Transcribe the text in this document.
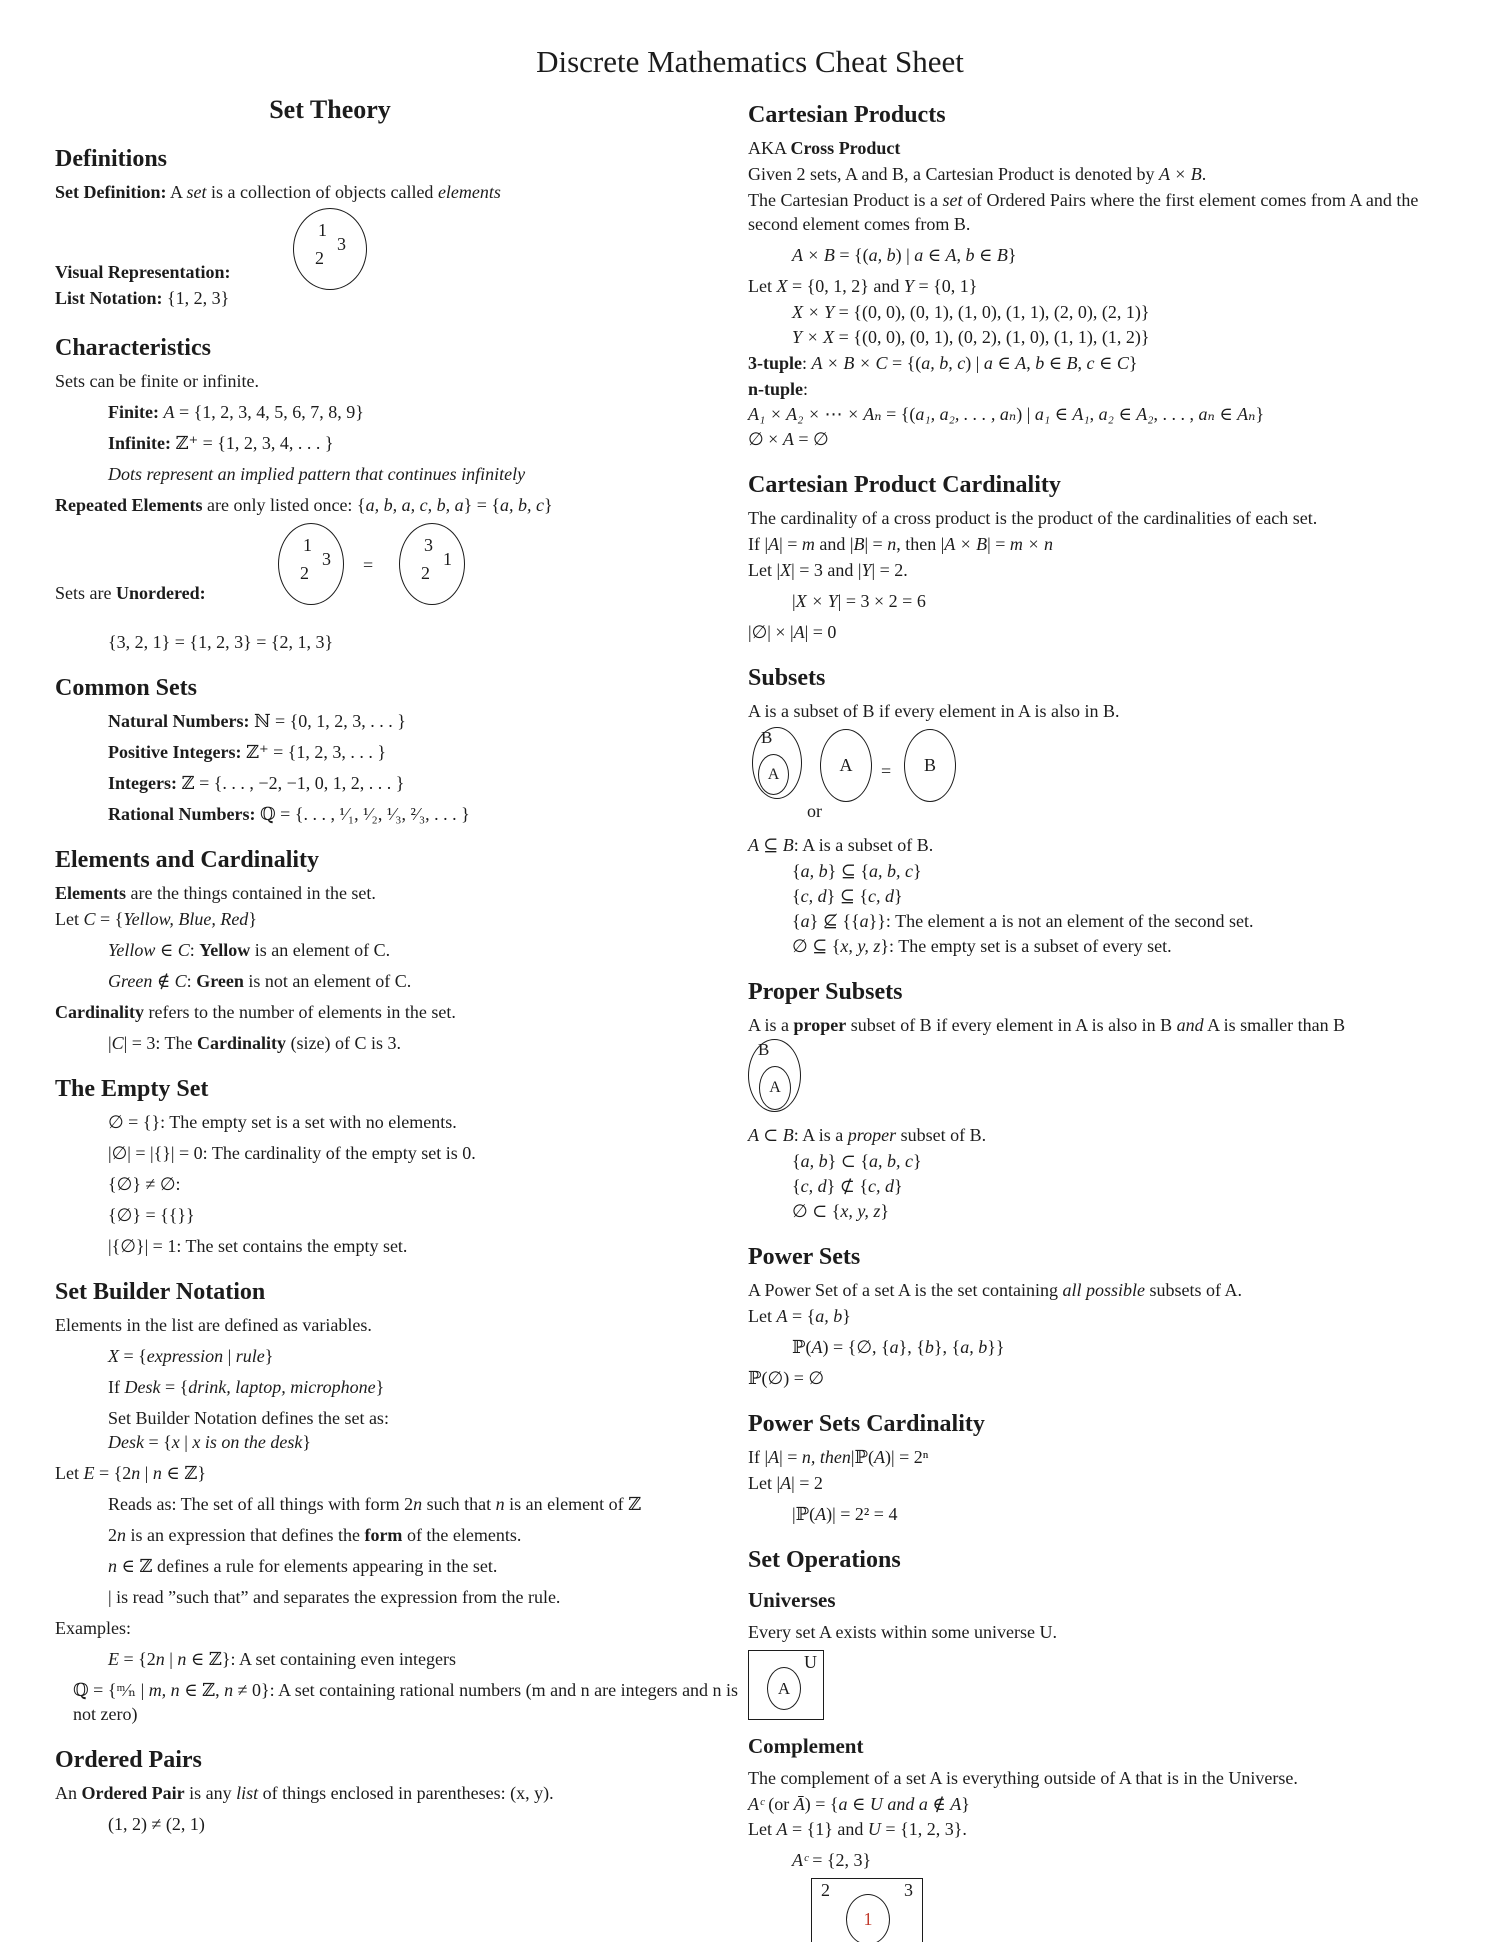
Discrete Mathematics Cheat Sheet
Set Theory
Definitions

Set Definition: A set is a collection of objects called elements

1
2
3

Visual Representation:

List Notation: {1, 2, 3}

Characteristics

Sets can be finite or infinite.

Finite: A = {1, 2, 3, 4, 5, 6, 7, 8, 9}

Infinite: ℤ⁺ = {1, 2, 3, 4, . . . }

Dots represent an implied pattern that continues infinitely

Repeated Elements are only listed once: {a, b, a, c, b, a} = {a, b, c}

Sets are Unordered:

1
2
3 =
3
2
1

{3, 2, 1} = {1, 2, 3} = {2, 1, 3}

Common Sets

Natural Numbers: ℕ = {0, 1, 2, 3, . . . }

Positive Integers: ℤ⁺ = {1, 2, 3, . . . }

Integers: ℤ = {. . . , −2, −1, 0, 1, 2, . . . }

Rational Numbers: ℚ = {. . . , ¹⁄₁, ¹⁄₂, ¹⁄₃, ²⁄₃, . . . }

Elements and Cardinality

Elements are the things contained in the set.

Let C = {Yellow, Blue, Red}

Yellow ∈ C: Yellow is an element of C.

Green ∉ C: Green is not an element of C.

Cardinality refers to the number of elements in the set.

|C| = 3: The Cardinality (size) of C is 3.

The Empty Set

∅ = {}: The empty set is a set with no elements.

|∅| = |{}| = 0: The cardinality of the empty set is 0.

{∅} ≠ ∅:

{∅} = {{}}

|{∅}| = 1: The set contains the empty set.

Set Builder Notation

Elements in the list are defined as variables.

X = {expression | rule}

If Desk = {drink, laptop, microphone}

Set Builder Notation defines the set as:

Desk = {x | x is on the desk}

Let E = {2n | n ∈ ℤ}

Reads as: The set of all things with form 2n such that n is an element of ℤ

2n is an expression that defines the form of the elements.

n ∈ ℤ defines a rule for elements appearing in the set.

| is read ”such that” and separates the expression from the rule.

Examples:

E = {2n | n ∈ ℤ}: A set containing even integers

ℚ = {ᵐ⁄ₙ | m, n ∈ ℤ, n ≠ 0}: A set containing rational numbers (m and n are integers and n is not zero)

Ordered Pairs

An Ordered Pair is any list of things enclosed in parentheses: (x, y).

(1, 2) ≠ (2, 1)

Cartesian Products

AKA Cross Product

Given 2 sets, A and B, a Cartesian Product is denoted by A × B.

The Cartesian Product is a set of Ordered Pairs where the first element comes from A and the second element comes from B.

A × B = {(a, b) | a ∈ A, b ∈ B}

Let X = {0, 1, 2} and Y = {0, 1}

X × Y = {(0, 0), (0, 1), (1, 0), (1, 1), (2, 0), (2, 1)}

Y × X = {(0, 0), (0, 1), (0, 2), (1, 0), (1, 1), (1, 2)}

3-tuple: A × B × C = {(a, b, c) | a ∈ A, b ∈ B, c ∈ C}

n-tuple:

A₁ × A₂ × ⋯ × Aₙ = {(a₁, a₂, . . . , aₙ) | a₁ ∈ A₁, a₂ ∈ A₂, . . . , aₙ ∈ Aₙ}

∅ × A = ∅

Cartesian Product Cardinality

The cardinality of a cross product is the product of the cardinalities of each set.

If |A| = m and |B| = n, then |A × B| = m × n

Let |X| = 3 and |Y| = 2.

|X × Y| = 3 × 2 = 6

|∅| × |A| = 0

Subsets

A is a subset of B if every element in A is also in B.

B
A
or
A	=	B

A ⊆ B: A is a subset of B.

{a, b} ⊆ {a, b, c}

{c, d} ⊆ {c, d}

{a} ⊈ {{a}}: The element a is not an element of the second set.

∅ ⊆ {x, y, z}: The empty set is a subset of every set.

Proper Subsets

A is a proper subset of B if every element in A is also in B and A is smaller than B

B
A

A ⊂ B: A is a proper subset of B.

{a, b} ⊂ {a, b, c}

{c, d} ⊄ {c, d}

∅ ⊂ {x, y, z}

Power Sets

A Power Set of a set A is the set containing all possible subsets of A.

Let A = {a, b}

ℙ(A) = {∅, {a}, {b}, {a, b}}

ℙ(∅) = ∅

Power Sets Cardinality

If |A| = n, then|ℙ(A)| = 2ⁿ

Let |A| = 2

|ℙ(A)| = 2² = 4

Set Operations
Universes

Every set A exists within some universe U.

U
A
Complement

The complement of a set A is everything outside of A that is in the Universe.

Aᶜ (or Ā) = {a ∈ U and a ∉ A}

Let A = {1} and U = {1, 2, 3}.

Aᶜ = {2, 3}

2	3
1
